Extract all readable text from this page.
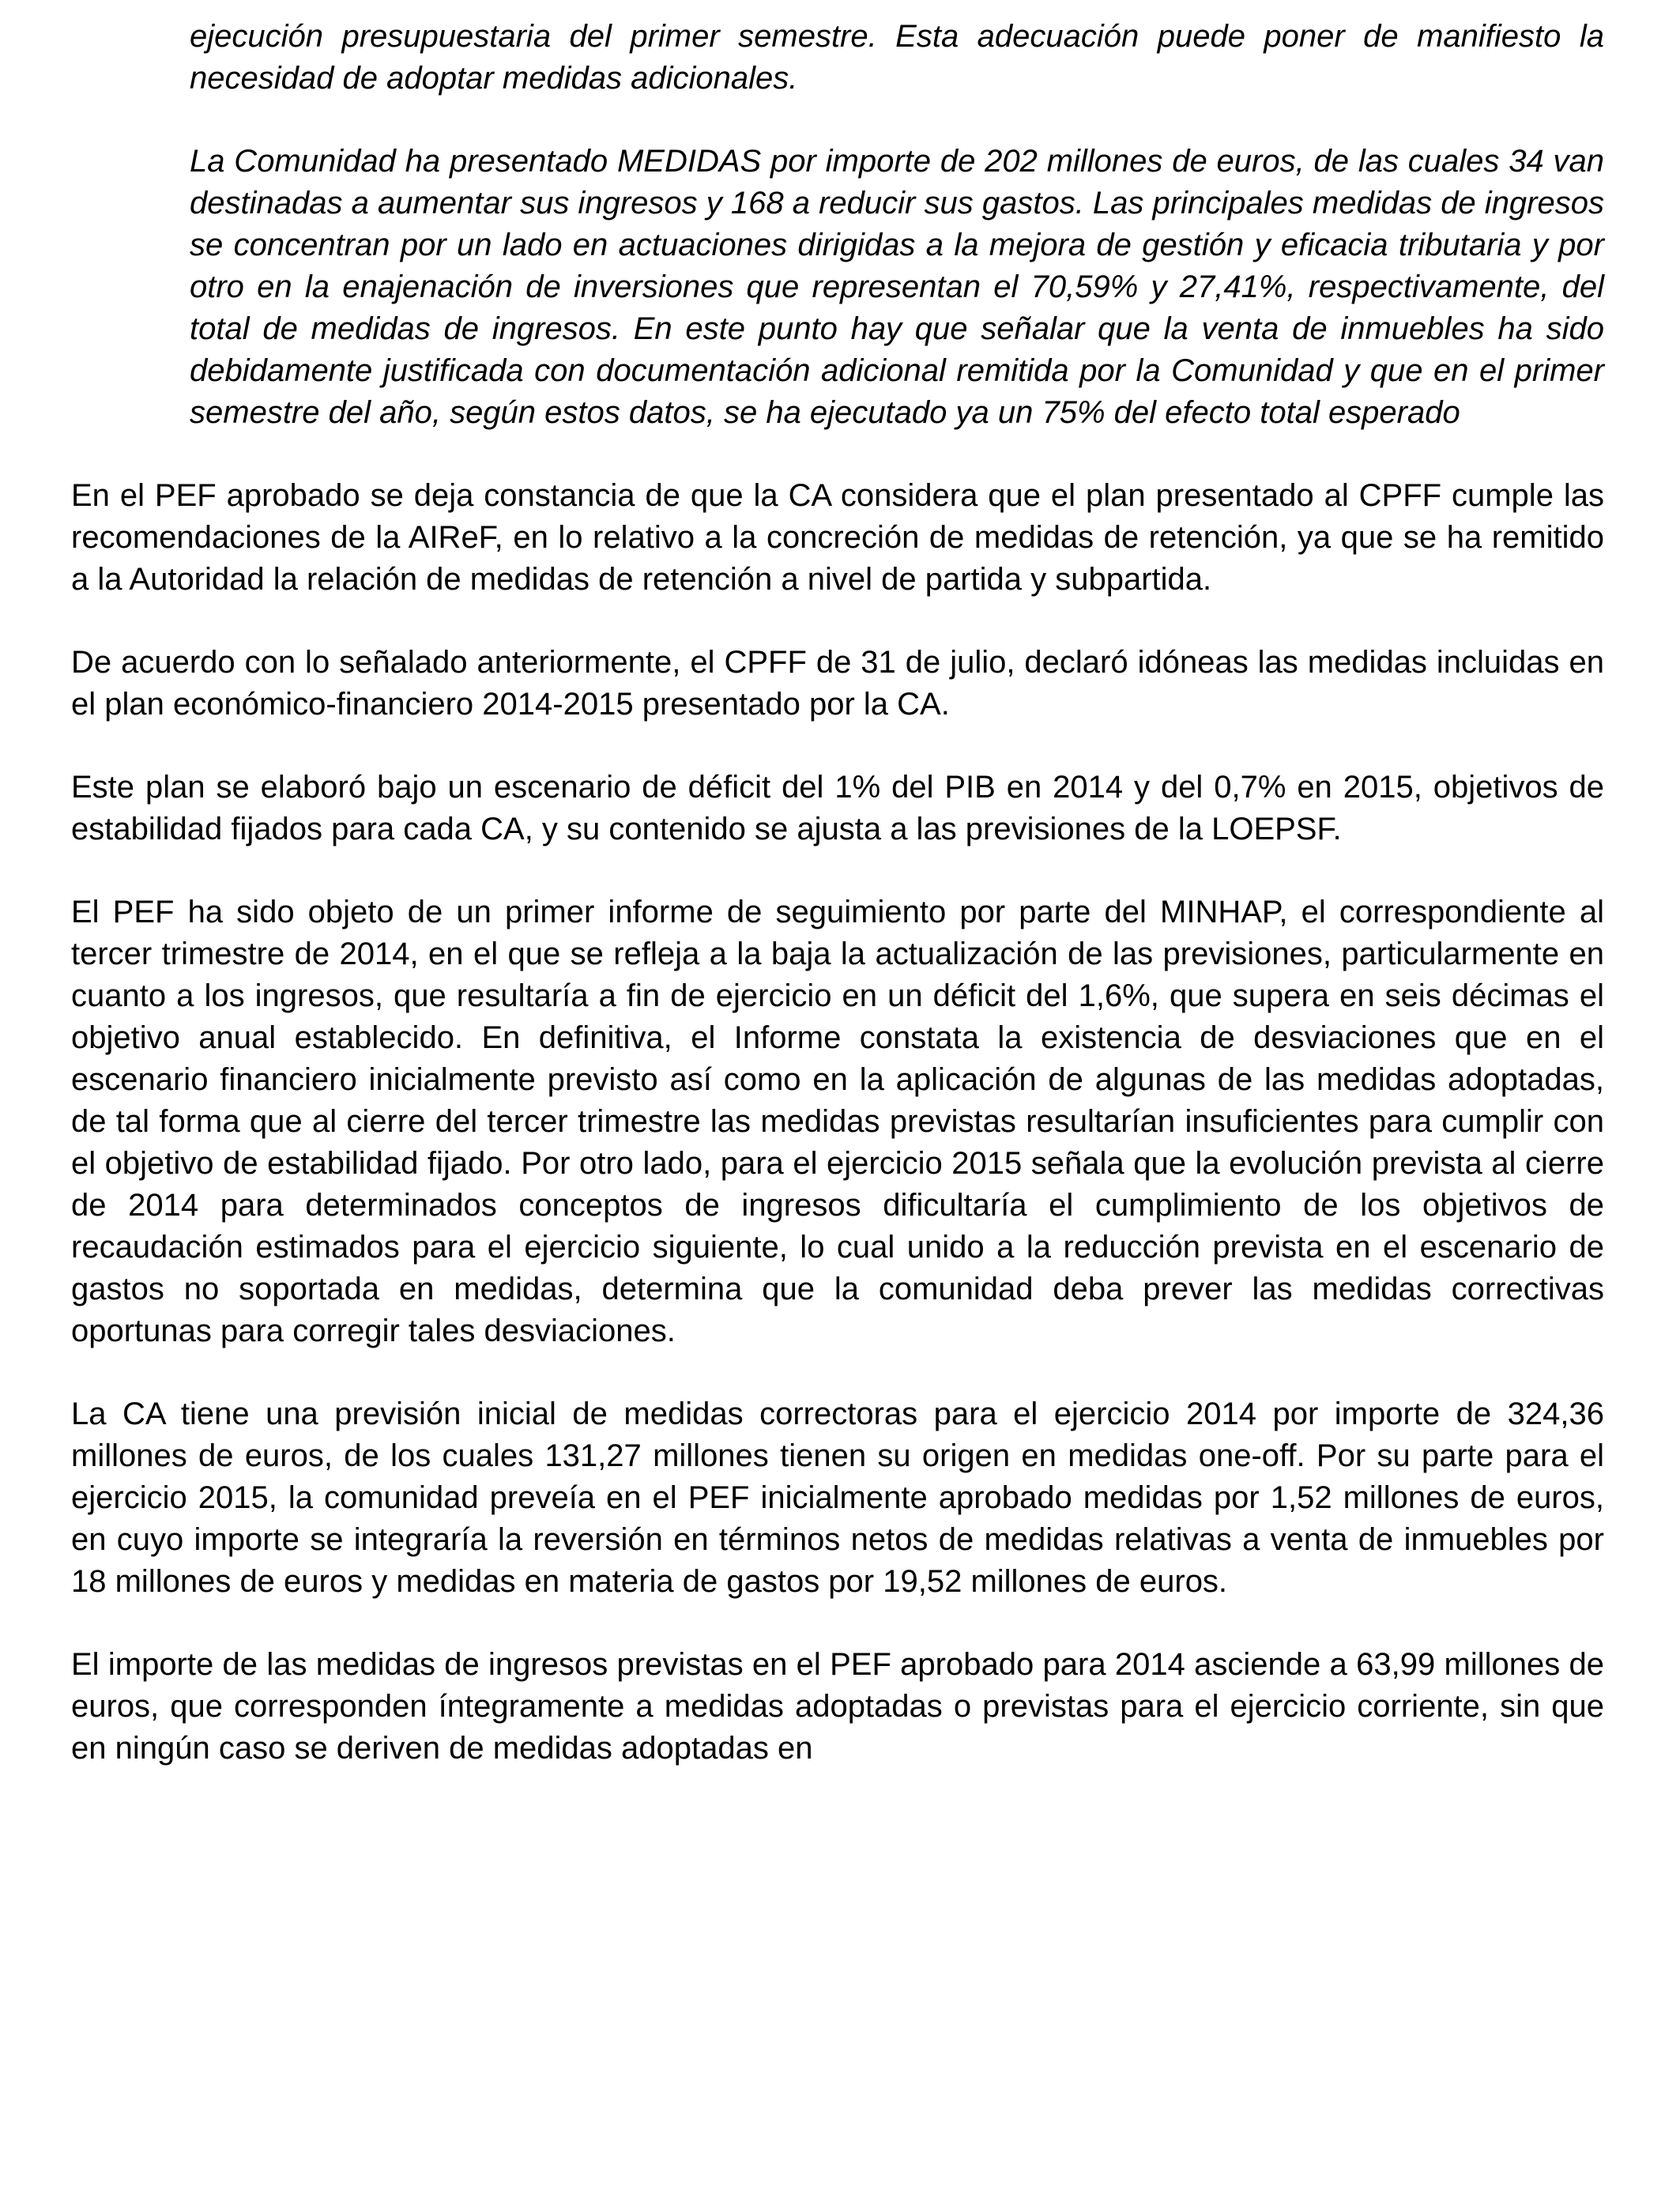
ejecución presupuestaria del primer semestre. Esta adecuación puede poner de manifiesto la necesidad de adoptar medidas adicionales.

La Comunidad ha presentado MEDIDAS por importe de 202 millones de euros, de las cuales 34 van destinadas a aumentar sus ingresos y 168 a reducir sus gastos. Las principales medidas de ingresos se concentran por un lado en actuaciones dirigidas a la mejora de gestión y eficacia tributaria y por otro en la enajenación de inversiones que representan el 70,59% y 27,41%, respectivamente, del total de medidas de ingresos. En este punto hay que señalar que la venta de inmuebles ha sido debidamente justificada con documentación adicional remitida por la Comunidad y que en el primer semestre del año, según estos datos, se ha ejecutado ya un 75% del efecto total esperado

En el PEF aprobado se deja constancia de que la CA considera que el plan presentado al CPFF cumple las recomendaciones de la AIReF, en lo relativo a la concreción de medidas de retención, ya que se ha remitido a la Autoridad la relación de medidas de retención a nivel de partida y subpartida.

De acuerdo con lo señalado anteriormente, el CPFF de 31 de julio, declaró idóneas las medidas incluidas en el plan económico-financiero 2014-2015 presentado por la CA.

Este plan se elaboró bajo un escenario de déficit del 1% del PIB en 2014 y del 0,7% en 2015, objetivos de estabilidad fijados para cada CA, y su contenido se ajusta a las previsiones de la LOEPSF.

El PEF ha sido objeto de un primer informe de seguimiento por parte del MINHAP, el correspondiente al tercer trimestre de 2014, en el que se refleja a la baja la actualización de las previsiones, particularmente en cuanto a los ingresos, que resultaría a fin de ejercicio en un déficit del 1,6%, que supera en seis décimas el objetivo anual establecido. En definitiva, el Informe constata la existencia de desviaciones que en el escenario financiero inicialmente previsto así como en la aplicación de algunas de las medidas adoptadas, de tal forma que al cierre del tercer trimestre las medidas previstas resultarían insuficientes para cumplir con el objetivo de estabilidad fijado. Por otro lado, para el ejercicio 2015 señala que la evolución prevista al cierre de 2014 para determinados conceptos de ingresos dificultaría el cumplimiento de los objetivos de recaudación estimados para el ejercicio siguiente, lo cual unido a la reducción prevista en el escenario de gastos no soportada en medidas, determina que la comunidad deba prever las medidas correctivas oportunas para corregir tales desviaciones.

La CA tiene una previsión inicial de medidas correctoras para el ejercicio 2014 por importe de 324,36 millones de euros, de los cuales 131,27 millones tienen su origen en medidas one-off. Por su parte para el ejercicio 2015, la comunidad preveía en el PEF inicialmente aprobado medidas por 1,52 millones de euros, en cuyo importe se integraría la reversión en términos netos de medidas relativas a venta de inmuebles por 18 millones de euros y medidas en materia de gastos por 19,52 millones de euros.

El importe de las medidas de ingresos previstas en el PEF aprobado para 2014 asciende a 63,99 millones de euros, que corresponden íntegramente a medidas adoptadas o previstas para el ejercicio corriente, sin que en ningún caso se deriven de medidas adoptadas en
